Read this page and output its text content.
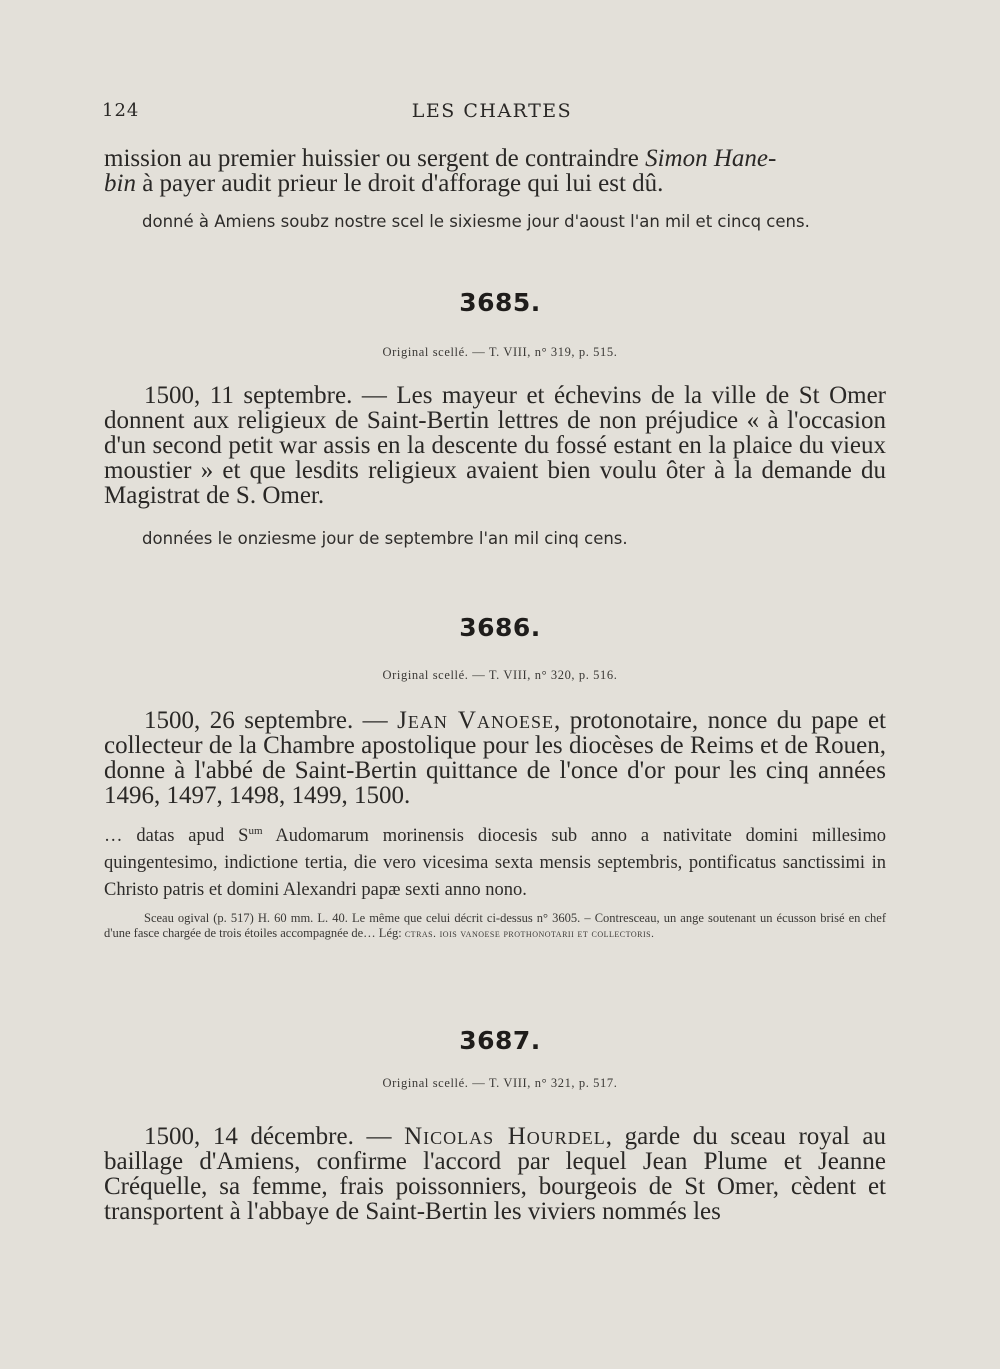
124	LES CHARTES
mission au premier huissier ou sergent de contraindre Simon Hane-
bin à payer audit prieur le droit d'afforage qui lui est dû.
donné à Amiens soubz nostre scel le sixiesme jour d'aoust l'an mil et cincq cens.
3685.
Original scellé. — T. VIII, n° 319, p. 515.
1500, 11 septembre. — Les mayeur et échevins de la ville de St Omer donnent aux religieux de Saint-Bertin lettres de non préjudice « à l'occasion d'un second petit war assis en la descente du fossé estant en la plaice du vieux moustier » et que lesdits religieux avaient bien voulu ôter à la demande du Magistrat de S. Omer.
données le onziesme jour de septembre l'an mil cinq cens.
3686.
Original scellé. — T. VIII, n° 320, p. 516.
1500, 26 septembre. — Jean Vanoese, protonotaire, nonce du pape et collecteur de la Chambre apostolique pour les diocèses de Reims et de Rouen, donne à l'abbé de Saint-Bertin quittance de l'once d'or pour les cinq années 1496, 1497, 1498, 1499, 1500.
… datas apud $S^{um}$ Audomarum morinensis diocesis sub anno a nativitate domini millesimo quingentesimo, indictione tertia, die vero vicesima sexta mensis septembris, pontificatus sanctissimi in Christo patris et domini Alexandri papæ sexti anno nono.
Sceau ogival (p. 517) H. 60 mm. L. 40. Le même que celui décrit ci-dessus n° 3605. – Contresceau, un ange soutenant un écusson brisé en chef d'une fasce chargée de trois étoiles accompagnée de… Lég: ctras. iois vanoese prothonotarii et collectoris.
3687.
Original scellé. — T. VIII, n° 321, p. 517.
1500, 14 décembre. — Nicolas Hourdel, garde du sceau royal au baillage d'Amiens, confirme l'accord par lequel Jean Plume et Jeanne Créquelle, sa femme, frais poissonniers, bourgeois de St Omer, cèdent et transportent à l'abbaye de Saint-Bertin les viviers nommés les
